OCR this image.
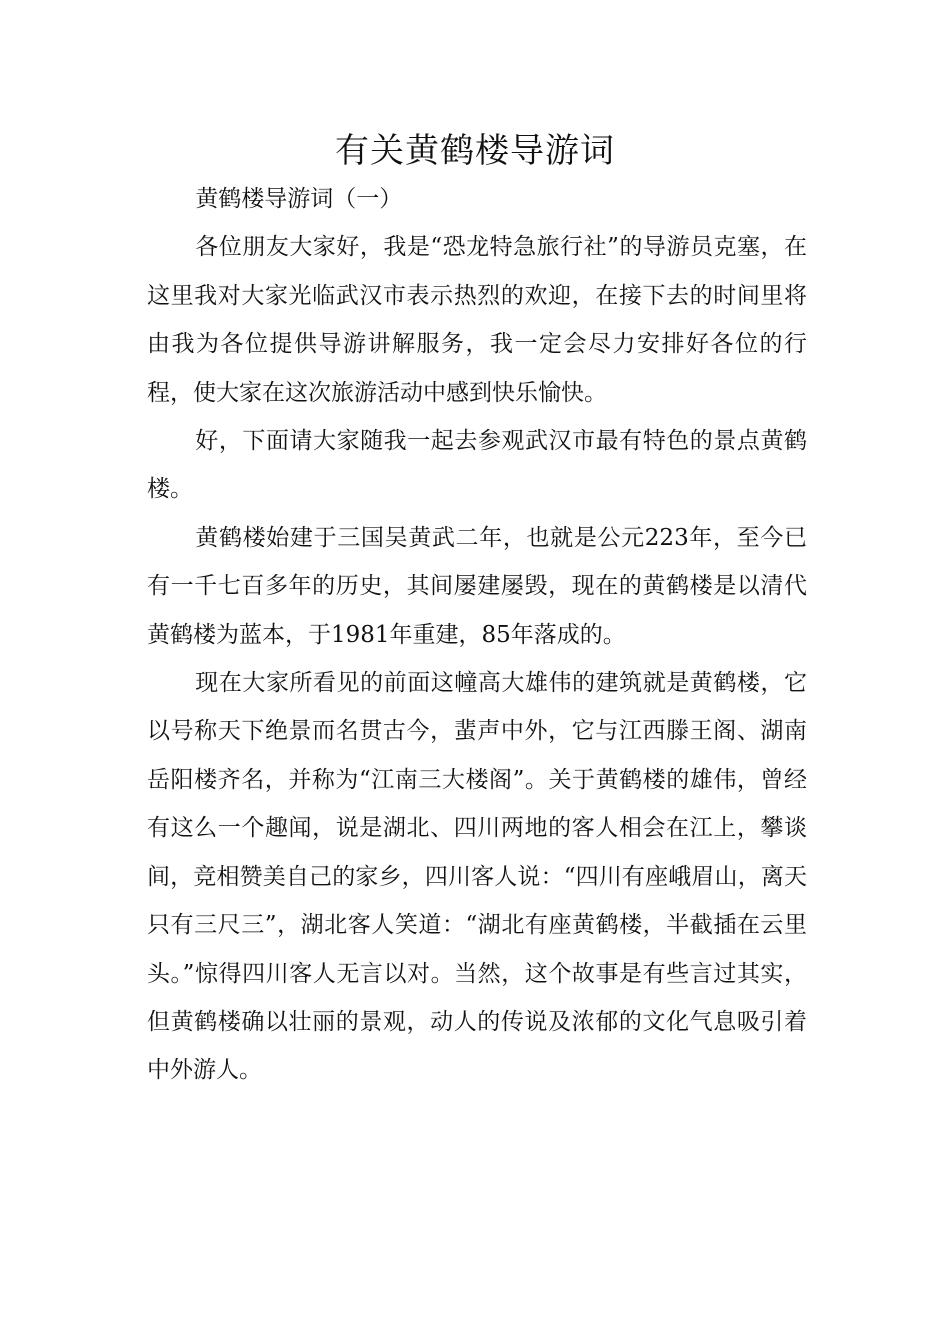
有关黄鹤楼导游词

黄鹤楼导游词（一）

各位朋友大家好，我是“恐龙特急旅行社”的导游员克塞，在这里我对大家光临武汉市表示热烈的欢迎，在接下去的时间里将由我为各位提供导游讲解服务，我一定会尽力安排好各位的行程，使大家在这次旅游活动中感到快乐愉快。

好，下面请大家随我一起去参观武汉市最有特色的景点黄鹤楼。

黄鹤楼始建于三国吴黄武二年，也就是公元223年，至今已有一千七百多年的历史，其间屡建屡毁，现在的黄鹤楼是以清代黄鹤楼为蓝本，于1981年重建，85年落成的。

现在大家所看见的前面这幢高大雄伟的建筑就是黄鹤楼，它以号称天下绝景而名贯古今，蜚声中外，它与江西滕王阁、湖南岳阳楼齐名，并称为“江南三大楼阁”。关于黄鹤楼的雄伟，曾经有这么一个趣闻，说是湖北、四川两地的客人相会在江上，攀谈间，竞相赞美自己的家乡，四川客人说：“四川有座峨眉山，离天只有三尺三”，湖北客人笑道：“湖北有座黄鹤楼，半截插在云里头。”惊得四川客人无言以对。当然，这个故事是有些言过其实，但黄鹤楼确以壮丽的景观，动人的传说及浓郁的文化气息吸引着中外游人。
